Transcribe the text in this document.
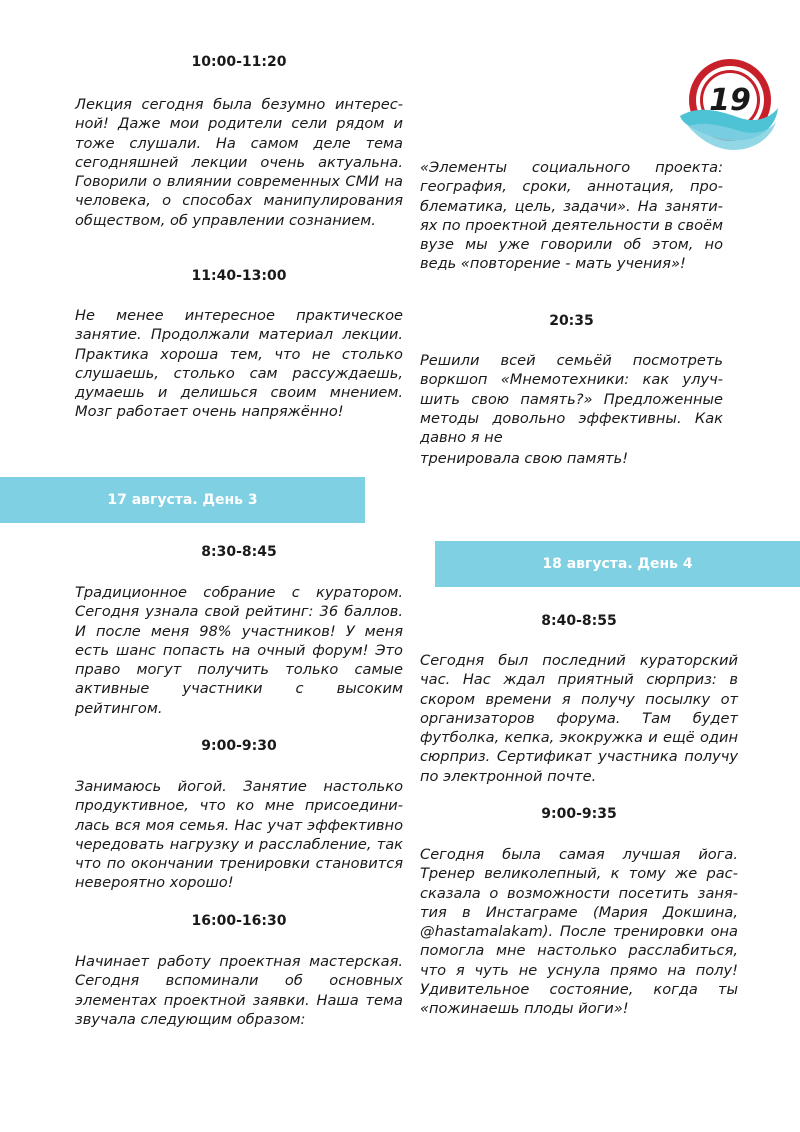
19
10:00-11:20

Лекция сегодня была безумно интересной! Даже мои родители сели рядом и тоже слушали. На самом деле тема сегодняшней лекции очень актуальна. Говорили о влиянии современных СМИ на человека, о способах манипулирования обществом, об управлении сознанием.

11:40-13:00

Не менее интересное практическое занятие. Продолжали материал лекции. Практика хороша тем, что не столько слушаешь, столько сам рассуждаешь, думаешь и делишься своим мнением. Мозг работает очень напряжённо!

17 августа. День 3
8:30-8:45

Традиционное собрание с куратором. Сегодня узнала свой рейтинг: 36 баллов. И после меня 98% участников! У меня есть шанс попасть на очный форум! Это право могут получить только самые активные участники с высоким рейтингом.

9:00-9:30

Занимаюсь йогой. Занятие настолько продуктивное, что ко мне присоединилась вся моя семья. Нас учат эффективно чередовать нагрузку и расслабление, так что по окончании тренировки становится невероятно хорошо!

16:00-16:30

Начинает работу проектная мастерская. Сегодня вспоминали об основных элементах проектной заявки. Наша тема звучала следующим образом:

«Элементы социального проекта: география, сроки, аннотация, проблематика, цель, задачи». На занятиях по проектной деятельности в своём вузе мы уже говорили об этом, но ведь «повторение - мать учения»!

20:35

Решили всей семьёй посмотреть воркшоп «Мнемотехники: как улучшить свою память?» Предложенные методы довольно эффективны. Как давно я не

тренировала свою память!

18 августа. День 4
8:40-8:55

Сегодня был последний кураторский час. Нас ждал приятный сюрприз: в скором времени я получу посылку от организаторов форума. Там будет футболка, кепка, экокружка и ещё один сюрприз. Сертификат участника получу по электронной почте.

9:00-9:35

Сегодня была самая лучшая йога. Тренер великолепный, к тому же рассказала о возможности посетить занятия в Инстаграме (Мария Докшина, @hastamalakam). После тренировки она помогла мне настолько расслабиться, что я чуть не уснула прямо на полу! Удивительное состояние, когда ты «пожинаешь плоды йоги»!
